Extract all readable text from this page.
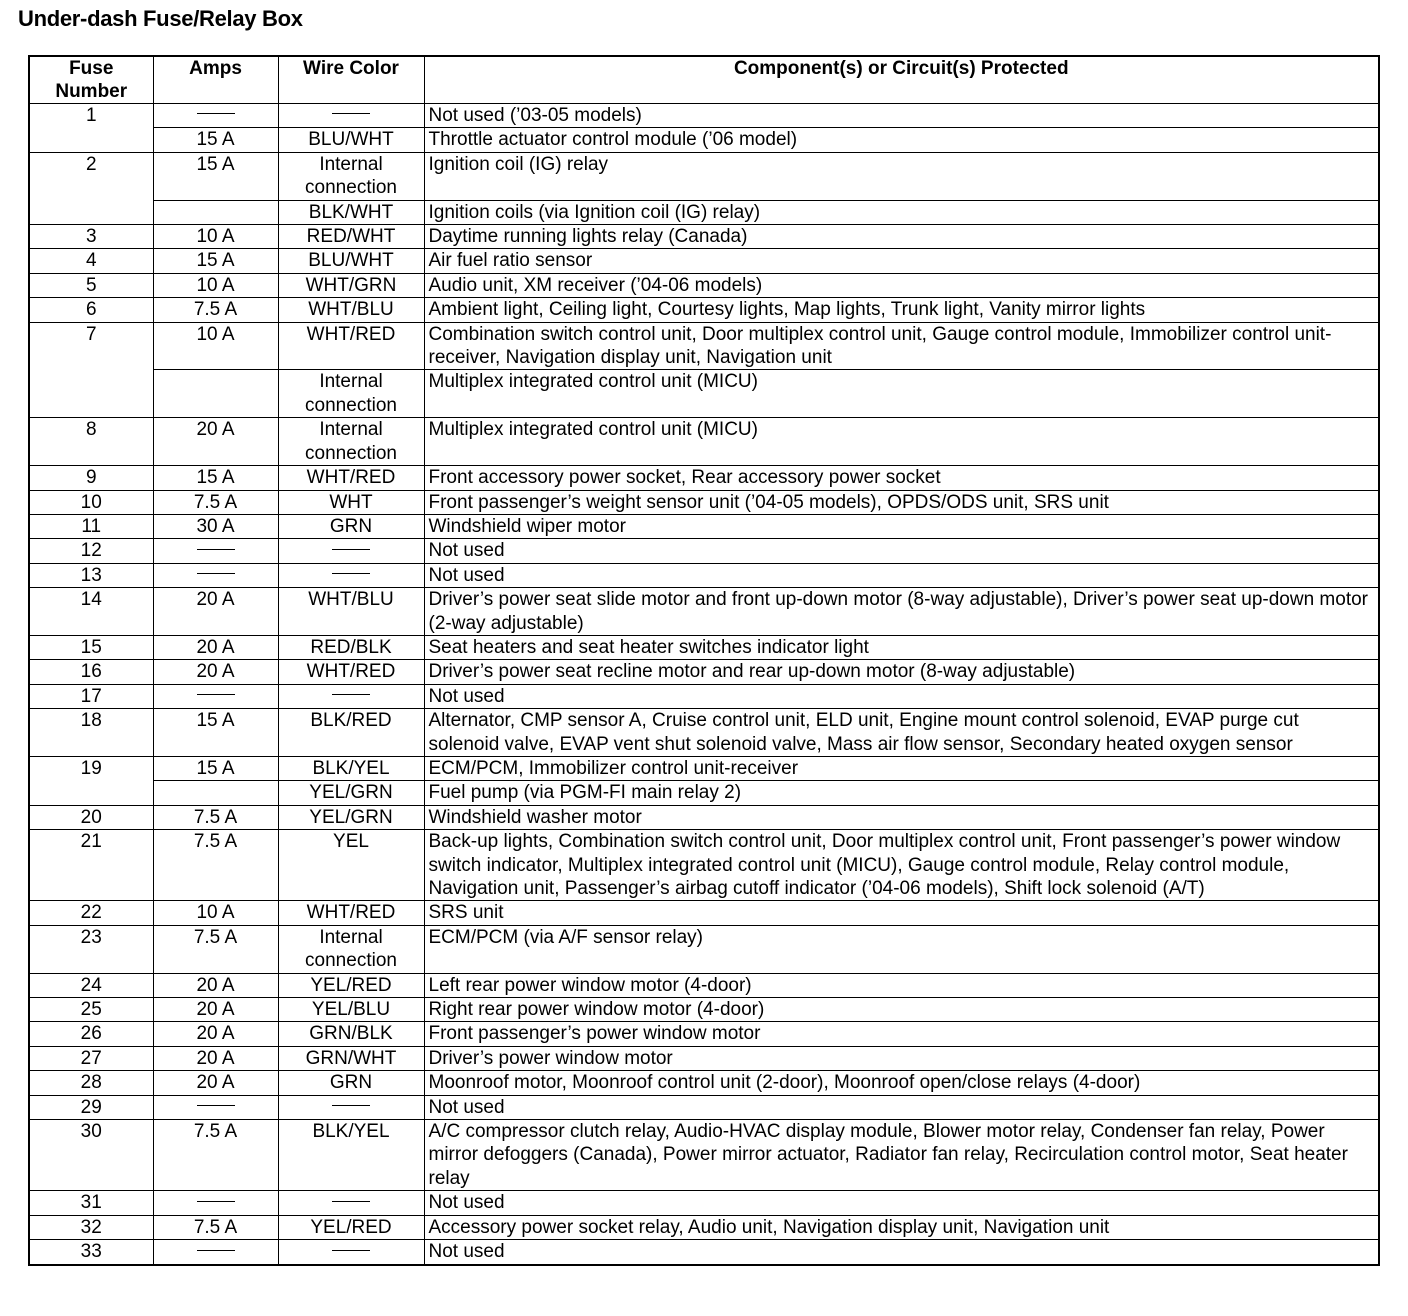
Under-dash Fuse/Relay Box
Fuse Number	Amps	Wire Color	Component(s) or Circuit(s) Protected
1			Not used (’03-05 models)
	15 A	BLU/WHT	Throttle actuator control module (’06 model)
2	15 A	Internal connection	Ignition coil (IG) relay
		BLK/WHT	Ignition coils (via Ignition coil (IG) relay)
3	10 A	RED/WHT	Daytime running lights relay (Canada)
4	15 A	BLU/WHT	Air fuel ratio sensor
5	10 A	WHT/GRN	Audio unit, XM receiver (’04-06 models)
6	7.5 A	WHT/BLU	Ambient light, Ceiling light, Courtesy lights, Map lights, Trunk light, Vanity mirror lights
7	10 A	WHT/RED	Combination switch control unit, Door multiplex control unit, Gauge control module, Immobilizer control unit-receiver, Navigation display unit, Navigation unit
		Internal connection	Multiplex integrated control unit (MICU)
8	20 A	Internal connection	Multiplex integrated control unit (MICU)
9	15 A	WHT/RED	Front accessory power socket, Rear accessory power socket
10	7.5 A	WHT	Front passenger’s weight sensor unit (’04-05 models), OPDS/ODS unit, SRS unit
11	30 A	GRN	Windshield wiper motor
12			Not used
13			Not used
14	20 A	WHT/BLU	Driver’s power seat slide motor and front up-down motor (8-way adjustable), Driver’s power seat up-down motor (2-way adjustable)
15	20 A	RED/BLK	Seat heaters and seat heater switches indicator light
16	20 A	WHT/RED	Driver’s power seat recline motor and rear up-down motor (8-way adjustable)
17			Not used
18	15 A	BLK/RED	Alternator, CMP sensor A, Cruise control unit, ELD unit, Engine mount control solenoid, EVAP purge cut solenoid valve, EVAP vent shut solenoid valve, Mass air flow sensor, Secondary heated oxygen sensor
19	15 A	BLK/YEL	ECM/PCM, Immobilizer control unit-receiver
		YEL/GRN	Fuel pump (via PGM-FI main relay 2)
20	7.5 A	YEL/GRN	Windshield washer motor
21	7.5 A	YEL	Back-up lights, Combination switch control unit, Door multiplex control unit, Front passenger’s power window switch indicator, Multiplex integrated control unit (MICU), Gauge control module, Relay control module, Navigation unit, Passenger’s airbag cutoff indicator (’04-06 models), Shift lock solenoid (A/T)
22	10 A	WHT/RED	SRS unit
23	7.5 A	Internal connection	ECM/PCM (via A/F sensor relay)
24	20 A	YEL/RED	Left rear power window motor (4-door)
25	20 A	YEL/BLU	Right rear power window motor (4-door)
26	20 A	GRN/BLK	Front passenger’s power window motor
27	20 A	GRN/WHT	Driver’s power window motor
28	20 A	GRN	Moonroof motor, Moonroof control unit (2-door), Moonroof open/close relays (4-door)
29			Not used
30	7.5 A	BLK/YEL	A/C compressor clutch relay, Audio-HVAC display module, Blower motor relay, Condenser fan relay, Power mirror defoggers (Canada), Power mirror actuator, Radiator fan relay, Recirculation control motor, Seat heater relay
31			Not used
32	7.5 A	YEL/RED	Accessory power socket relay, Audio unit, Navigation display unit, Navigation unit
33			Not used
